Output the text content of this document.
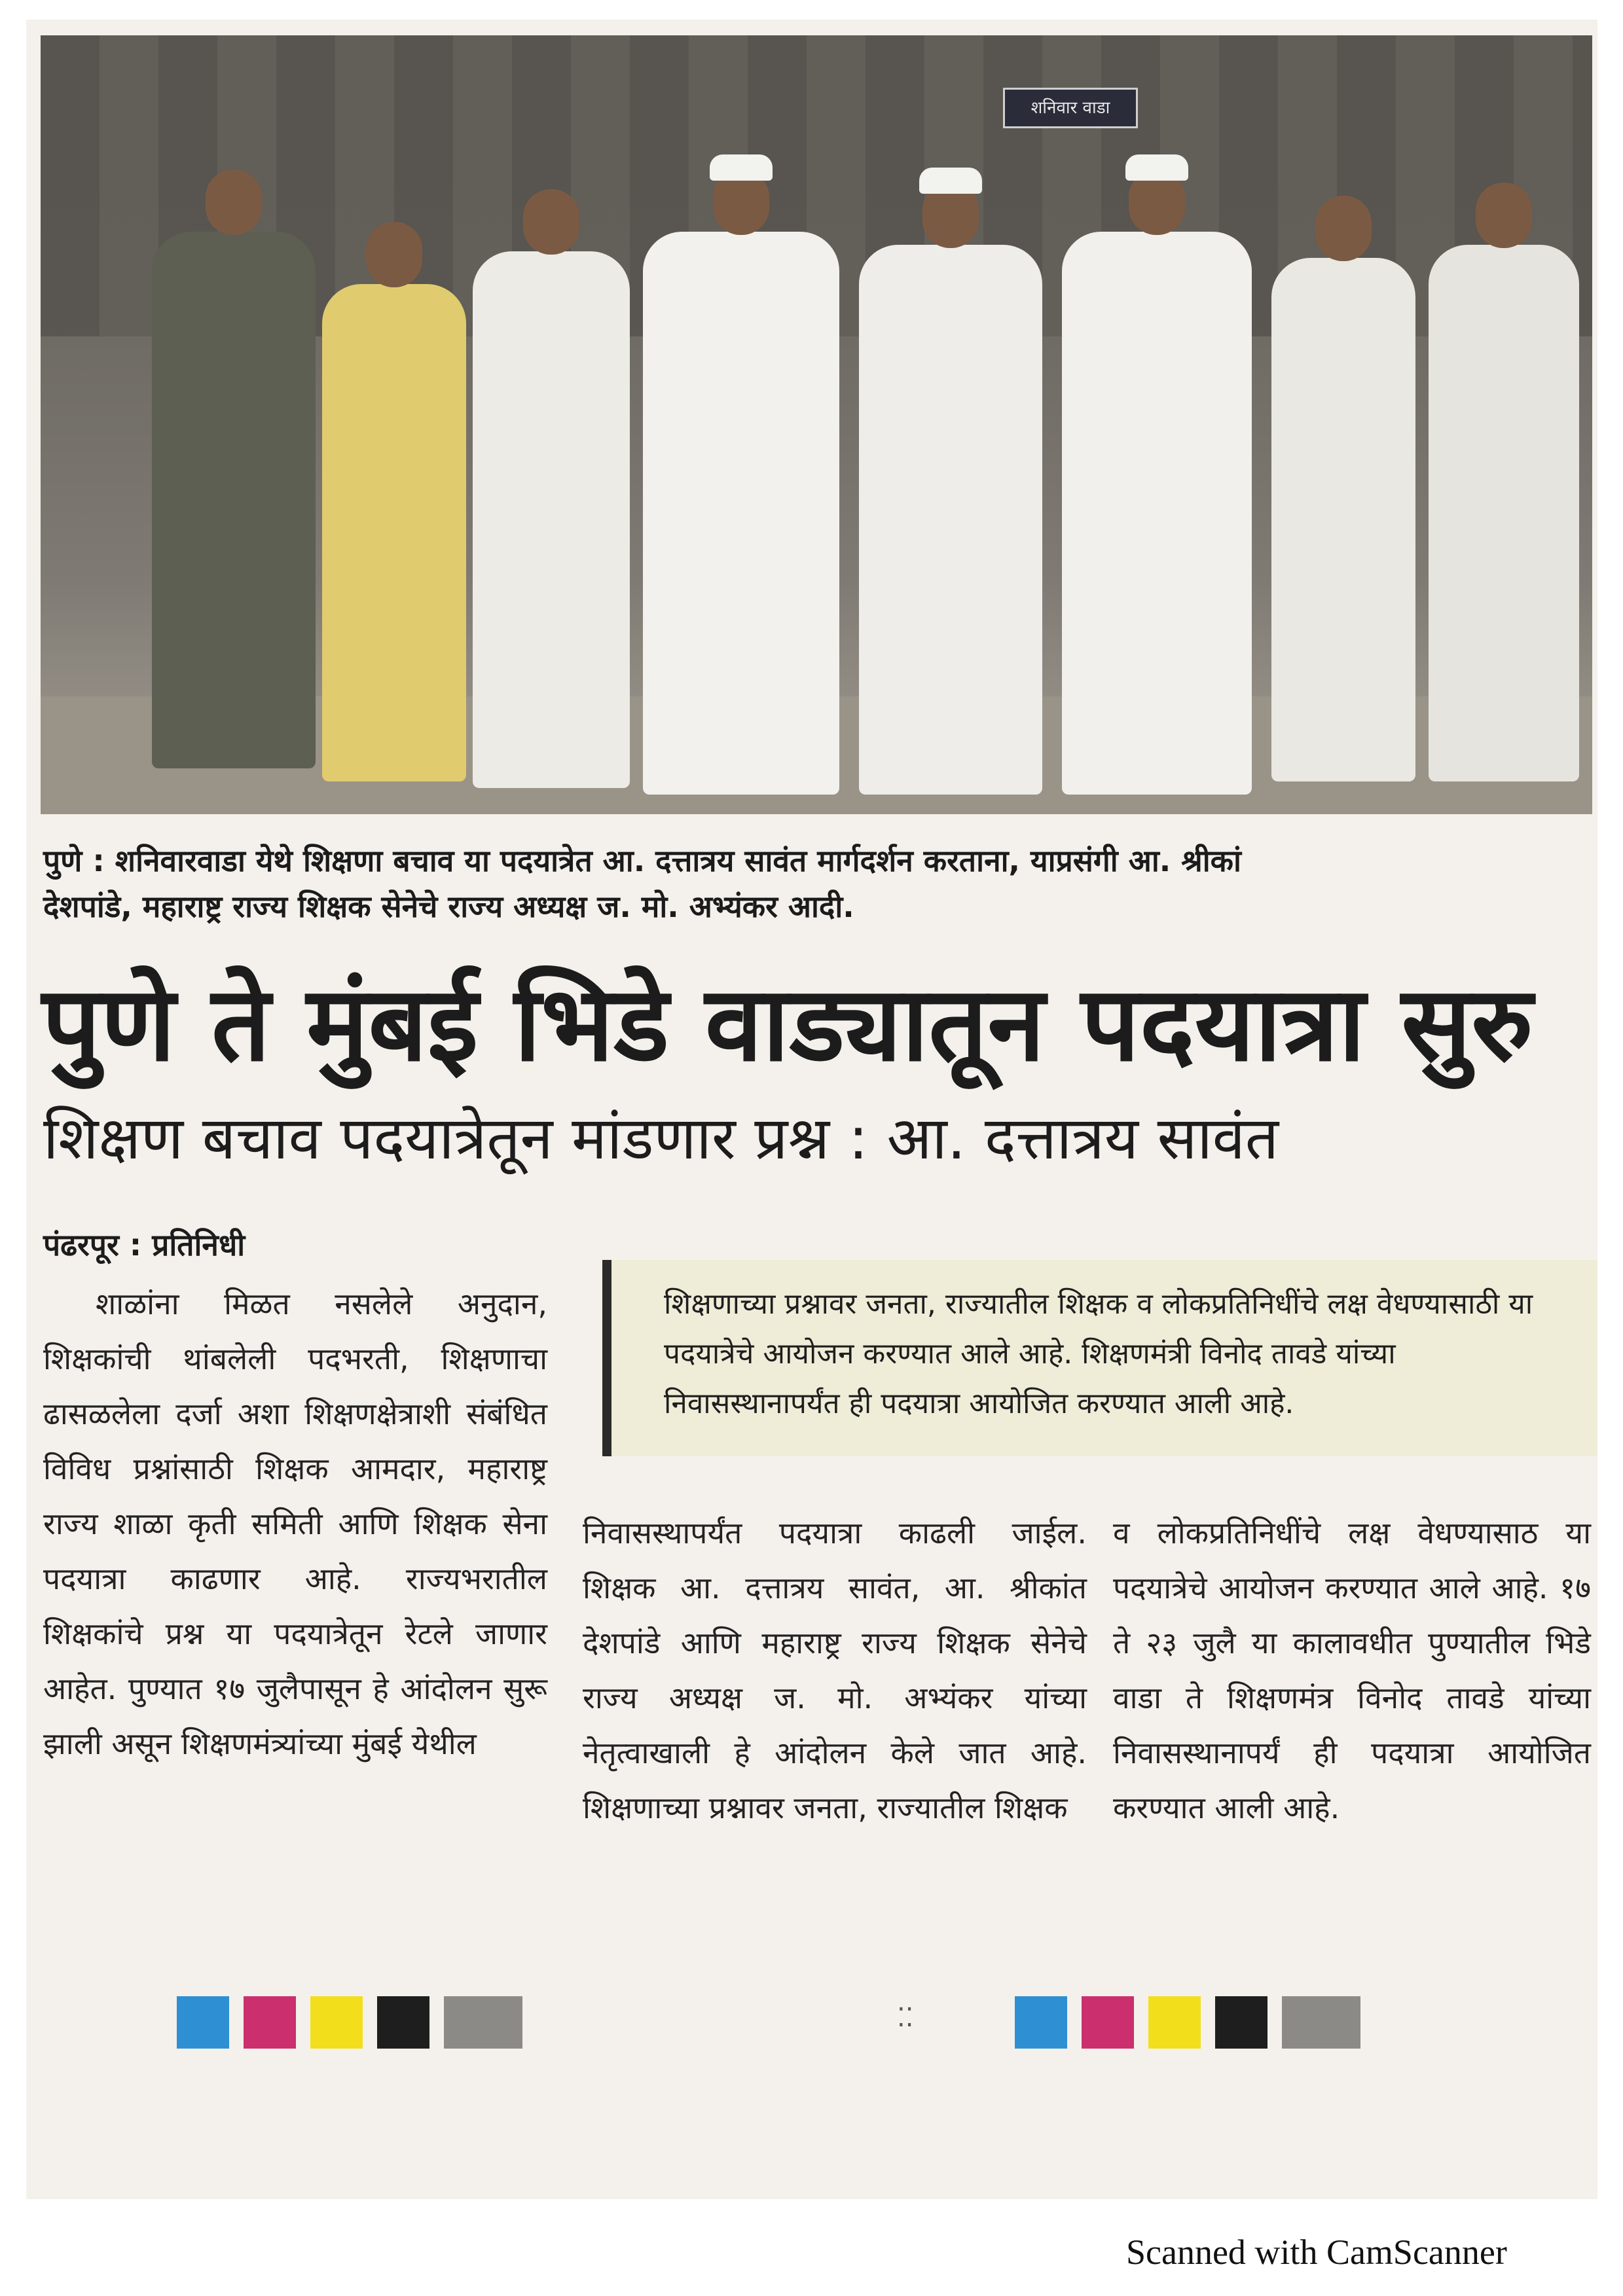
शनिवार वाडा
पुणे : शनिवारवाडा येथे शिक्षणा बचाव या पदयात्रेत आ. दत्तात्रय सावंत मार्गदर्शन करताना, याप्रसंगी आ. श्रीकां
देशपांडे, महाराष्ट्र राज्य शिक्षक सेनेचे राज्य अध्यक्ष ज. मो. अभ्यंकर आदी.
पुणे ते मुंबई भिडे वाड्यातून पदयात्रा सुरु
शिक्षण बचाव पदयात्रेतून मांडणार प्रश्न : आ. दत्तात्रय सावंत
पंढरपूर : प्रतिनिधी
शिक्षणाच्या प्रश्नावर जनता, राज्यातील शिक्षक व लोकप्रतिनिधींचे लक्ष वेधण्यासाठी या पदयात्रेचे आयोजन करण्यात आले आहे. शिक्षणमंत्री विनोद तावडे यांच्या निवासस्थानापर्यंत ही पदयात्रा आयोजित करण्यात आली आहे.
शाळांना मिळत नसलेले अनुदान, शिक्षकांची थांबलेली पदभरती, शिक्षणाचा ढासळलेला दर्जा अशा शिक्षणक्षेत्राशी संबंधित विविध प्रश्नांसाठी शिक्षक आमदार, महाराष्ट्र राज्य शाळा कृती समिती आणि शिक्षक सेना पदयात्रा काढणार आहे. राज्यभरातील शिक्षकांचे प्रश्न या पदयात्रेतून रेटले जाणार आहेत. पुण्यात १७ जुलैपासून हे आंदोलन सुरू झाली असून शिक्षणमंत्र्यांच्या मुंबई येथील
निवासस्थापर्यंत पदयात्रा काढली जाईल. शिक्षक आ. दत्तात्रय सावंत, आ. श्रीकांत देशपांडे आणि महाराष्ट्र राज्य शिक्षक सेनेचे राज्य अध्यक्ष ज. मो. अभ्यंकर यांच्या नेतृत्वाखाली हे आंदोलन केले जात आहे. शिक्षणाच्या प्रश्नावर जनता, राज्यातील शिक्षक
व लोकप्रतिनिधींचे लक्ष वेधण्यासाठ या पदयात्रेचे आयोजन करण्यात आले आहे. १७ ते २३ जुलै या कालावधीत पुण्यातील भिडे वाडा ते शिक्षणमंत्र विनोद तावडे यांच्या निवासस्थानापर्यं ही पदयात्रा आयोजित करण्यात आली आहे.
⁚⁚
Scanned with CamScanner
